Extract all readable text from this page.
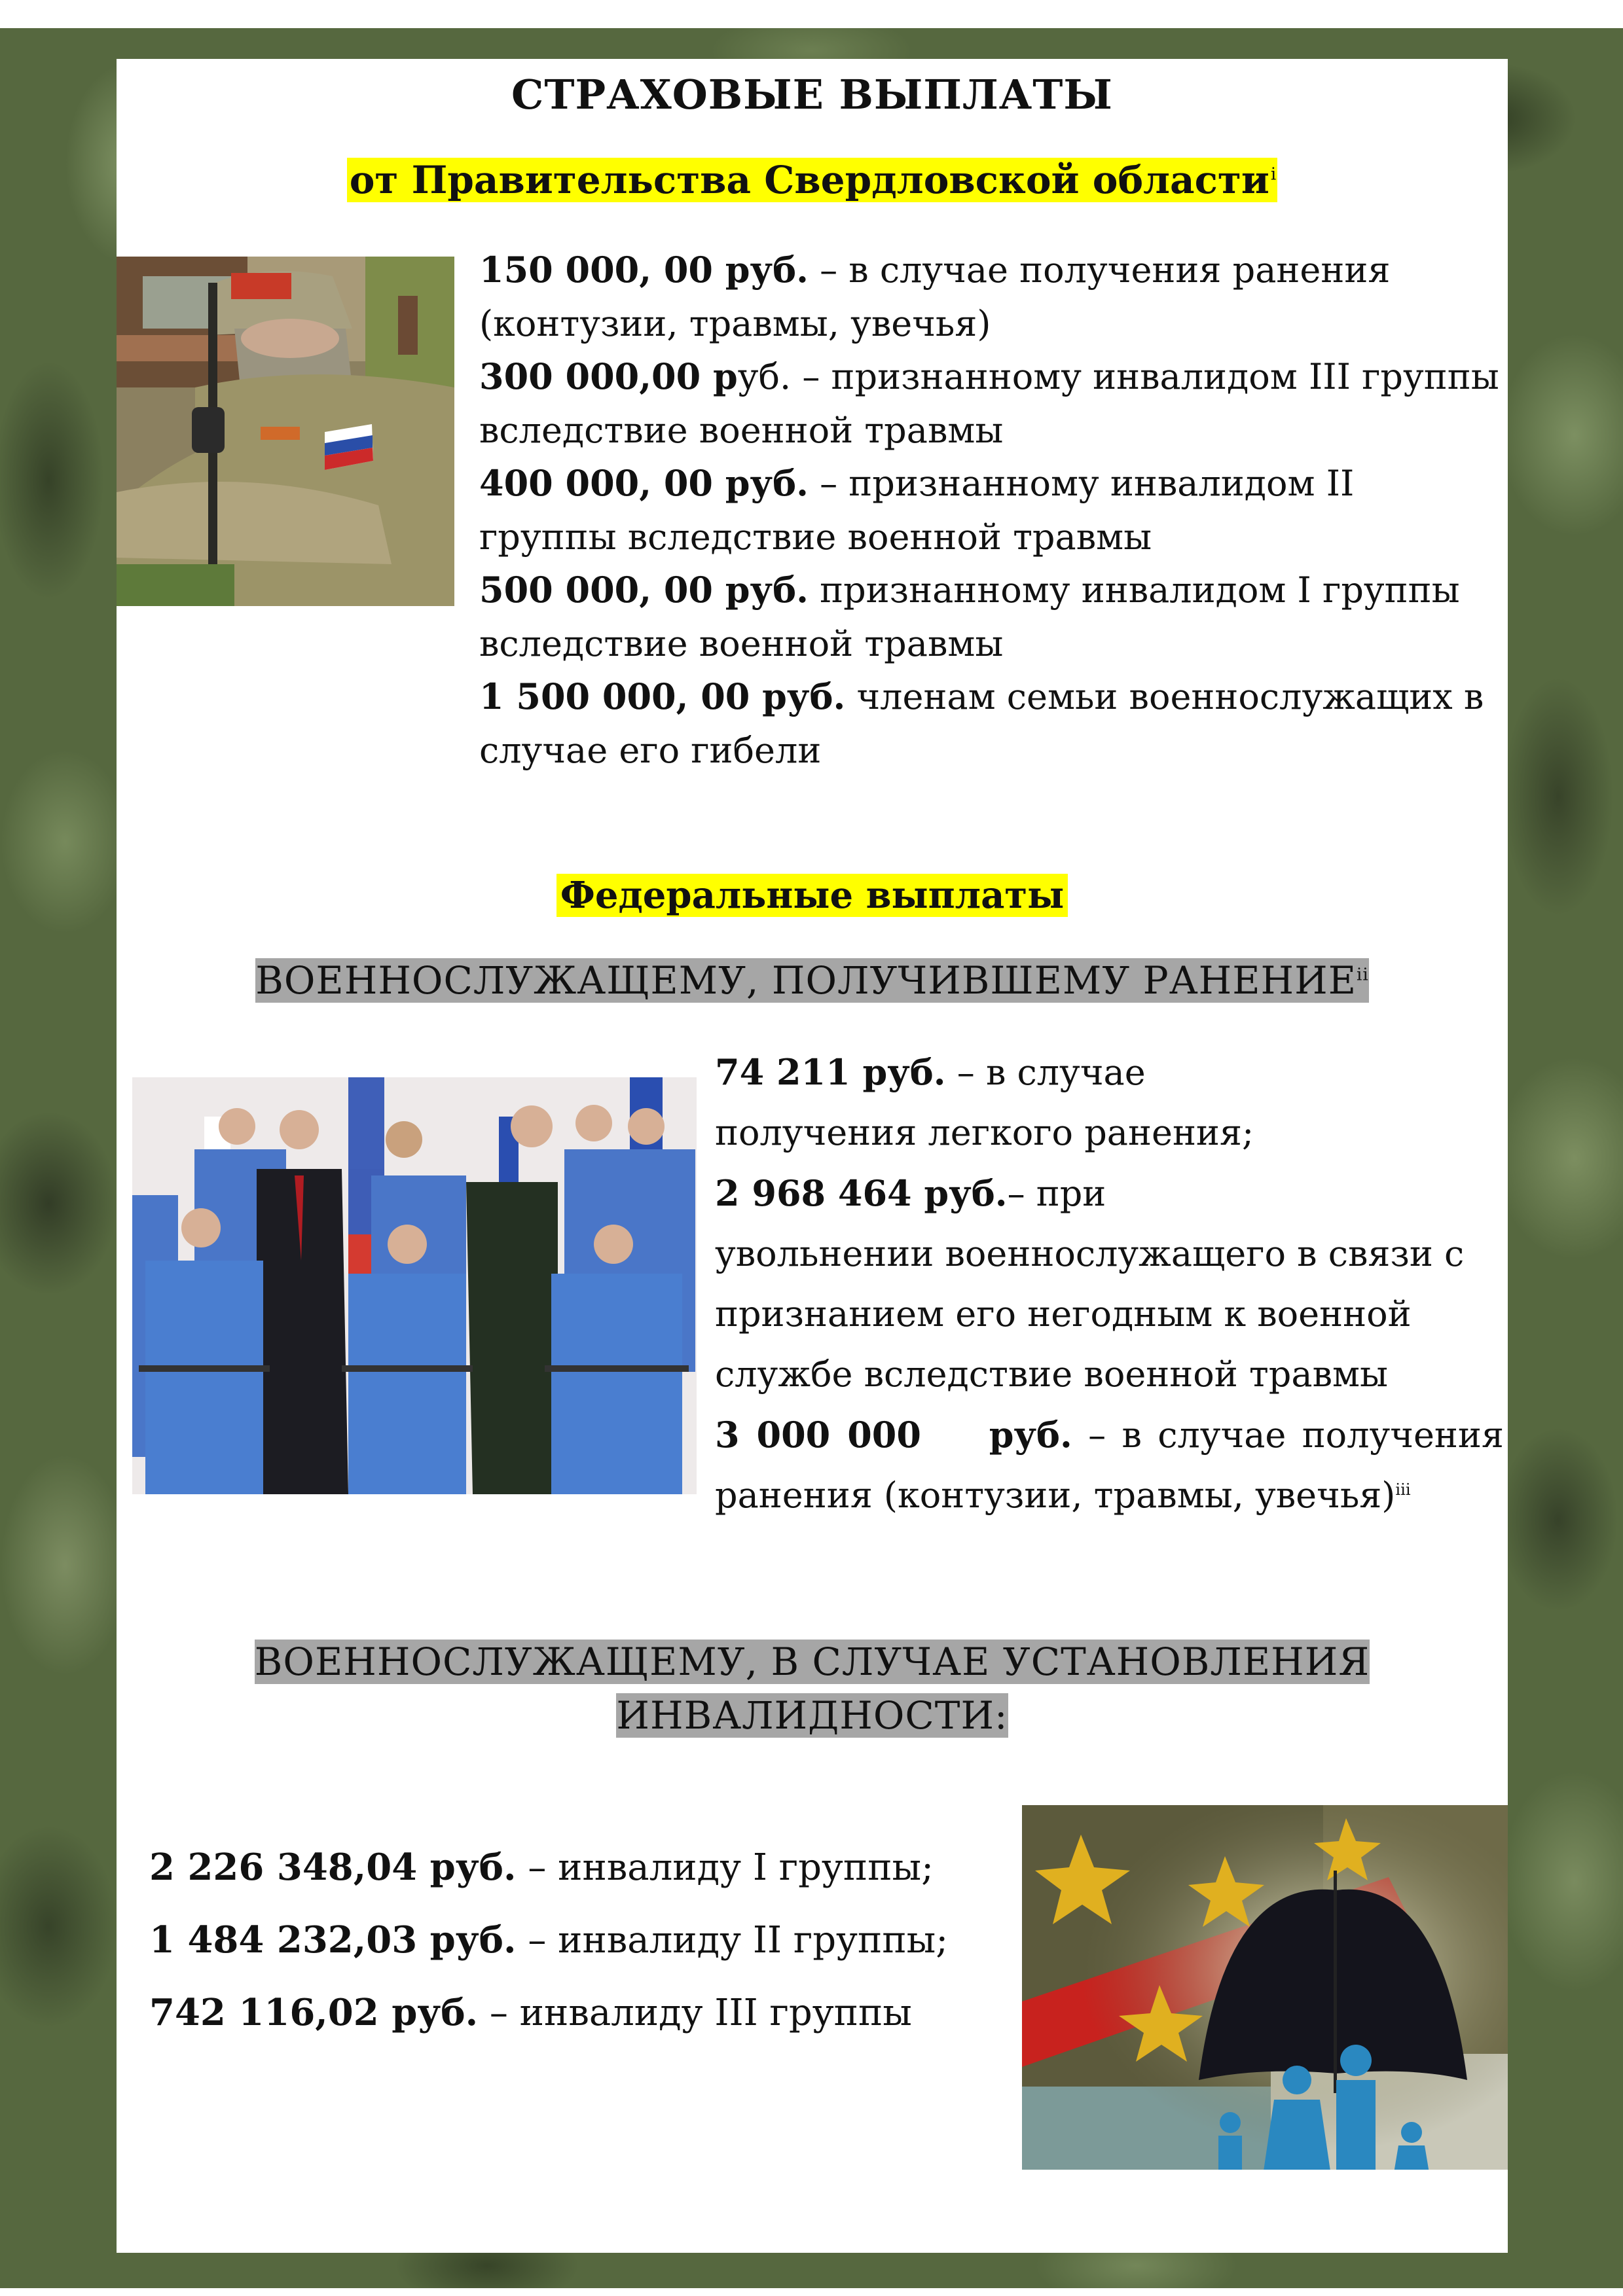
СТРАХОВЫЕ ВЫПЛАТЫ
от Правительства Свердловской области$^i$

150 000, 00 руб. – в случае получения ранения (контузии, травмы, увечья)

300 000,00 руб. – признанному инвалидом III группы вследствие военной травмы

400 000, 00 руб. – признанному инвалидом II группы вследствие военной травмы

500 000, 00 руб. признанному инвалидом I группы вследствие военной травмы

1 500 000, 00 руб. членам семьи военнослужащих в случае его гибели

Федеральные выплаты
ВОЕННОСЛУЖАЩЕМУ, ПОЛУЧИВШЕМУ РАНЕНИЕ$^{ii}$

74 211 руб. – в случае
получения легкого ранения;

2 968 464 руб.– при
увольнении военнослужащего в связи с признанием его негодным к военной службе вследствие военной травмы

3 000 000    руб. – в случае получения
ранения (контузии, травмы, увечья)$^{iii}$

ВОЕННОСЛУЖАЩЕМУ, В СЛУЧАЕ УСТАНОВЛЕНИЯ
ИНВАЛИДНОСТИ:

2 226 348,04 руб. – инвалиду I группы;

1 484 232,03 руб. – инвалиду II группы;

742 116,02 руб. – инвалиду III группы
